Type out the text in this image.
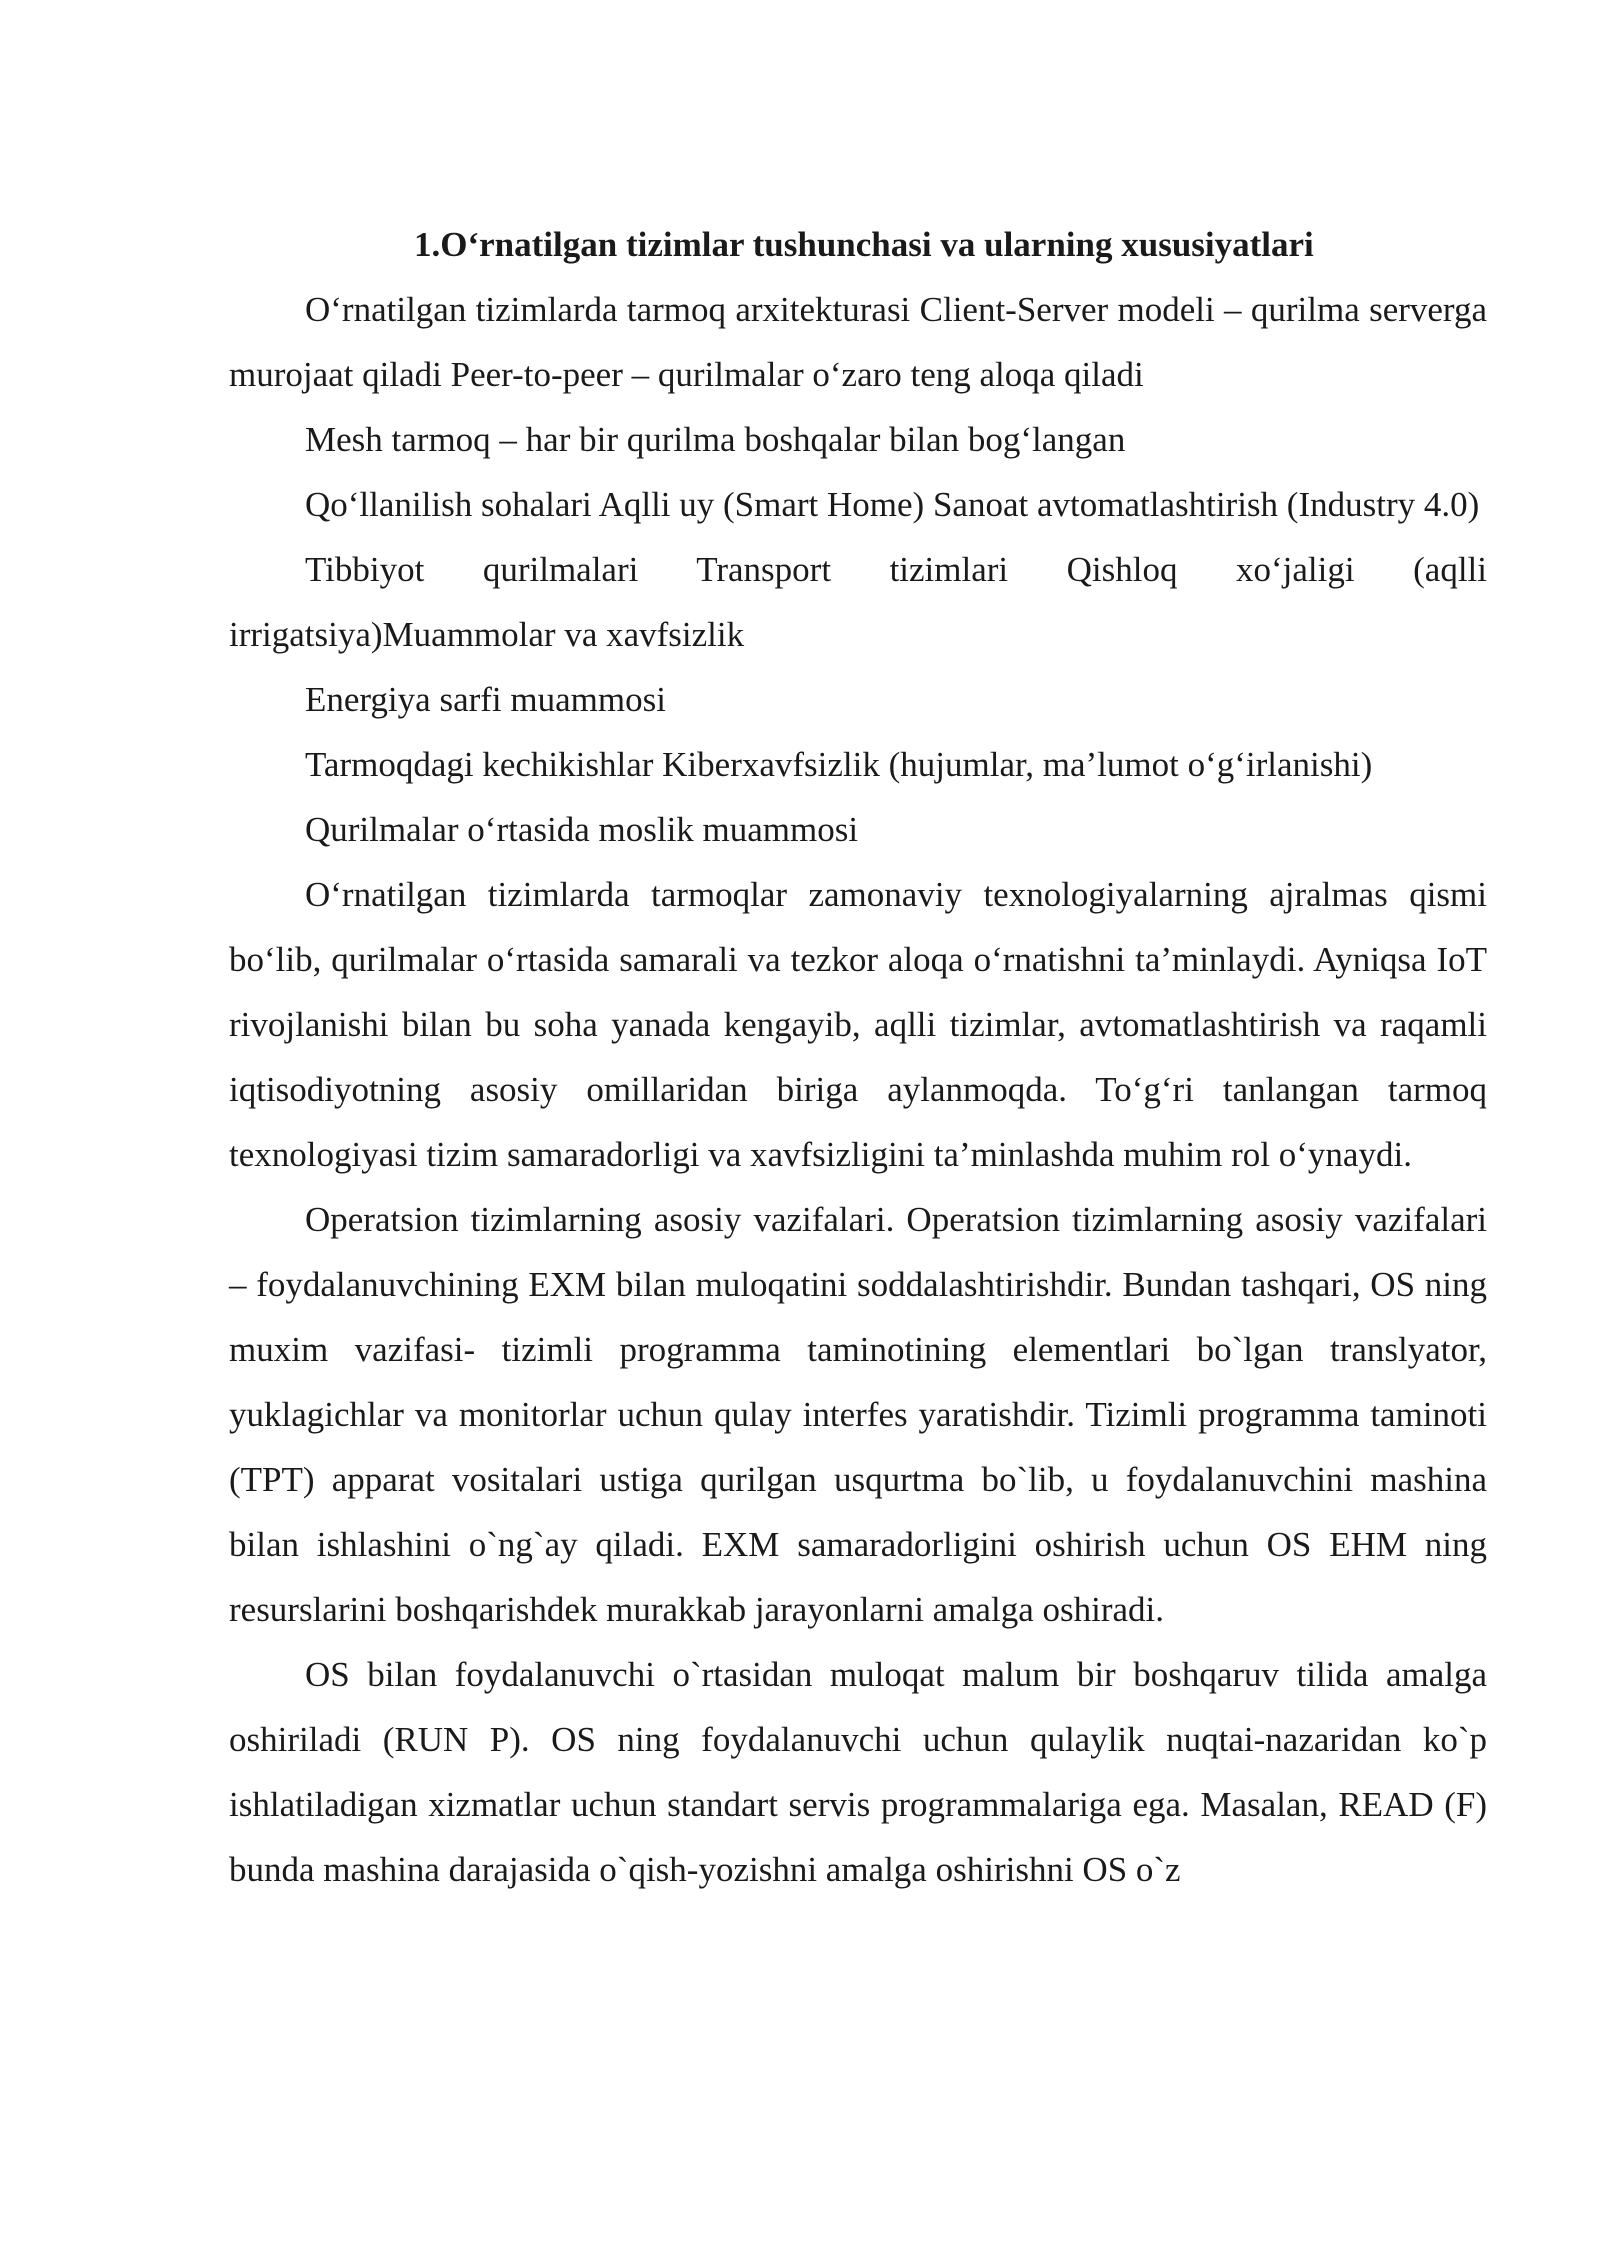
1.O‘rnatilgan tizimlar tushunchasi va ularning xususiyatlari

O‘rnatilgan tizimlarda tarmoq arxitekturasi Client-Server modeli – qurilma serverga murojaat qiladi Peer-to-peer – qurilmalar o‘zaro teng aloqa qiladi

Mesh tarmoq – har bir qurilma boshqalar bilan bog‘langan

Qo‘llanilish sohalari Aqlli uy (Smart Home) Sanoat avtomatlashtirish (Industry 4.0)

Tibbiyot qurilmalari Transport tizimlari Qishloq xo‘jaligi (aqlli irrigatsiya)Muammolar va xavfsizlik

Energiya sarfi muammosi

Tarmoqdagi kechikishlar Kiberxavfsizlik (hujumlar, ma’lumot o‘g‘irlanishi)

Qurilmalar o‘rtasida moslik muammosi

O‘rnatilgan tizimlarda tarmoqlar zamonaviy texnologiyalarning ajralmas qismi bo‘lib, qurilmalar o‘rtasida samarali va tezkor aloqa o‘rnatishni ta’minlaydi. Ayniqsa IoT rivojlanishi bilan bu soha yanada kengayib, aqlli tizimlar, avtomatlashtirish va raqamli iqtisodiyotning asosiy omillaridan biriga aylanmoqda. To‘g‘ri tanlangan tarmoq texnologiyasi tizim samaradorligi va xavfsizligini ta’minlashda muhim rol o‘ynaydi.

Operatsion tizimlarning asosiy vazifalari. Operatsion tizimlarning asosiy vazifalari – foydalanuvchining EXM bilan muloqatini soddalashtirishdir. Bundan tashqari, OS ning muxim vazifasi- tizimli programma taminotining elementlari bo`lgan translyator, yuklagichlar va monitorlar uchun qulay interfes yaratishdir. Tizimli programma taminoti (TPT) apparat vositalari ustiga qurilgan usqurtma bo`lib, u foydalanuvchini mashina bilan ishlashini o`ng`ay qiladi. EXM samaradorligini oshirish uchun OS EHM ning resurslarini boshqarishdek murakkab jarayonlarni amalga oshiradi.

OS bilan foydalanuvchi o`rtasidan muloqat malum bir boshqaruv tilida amalga oshiriladi (RUN P). OS ning foydalanuvchi uchun qulaylik nuqtai-nazaridan ko`p ishlatiladigan xizmatlar uchun standart servis programmalariga ega. Masalan, READ (F) bunda mashina darajasida o`qish-yozishni amalga oshirishni OS o`z
